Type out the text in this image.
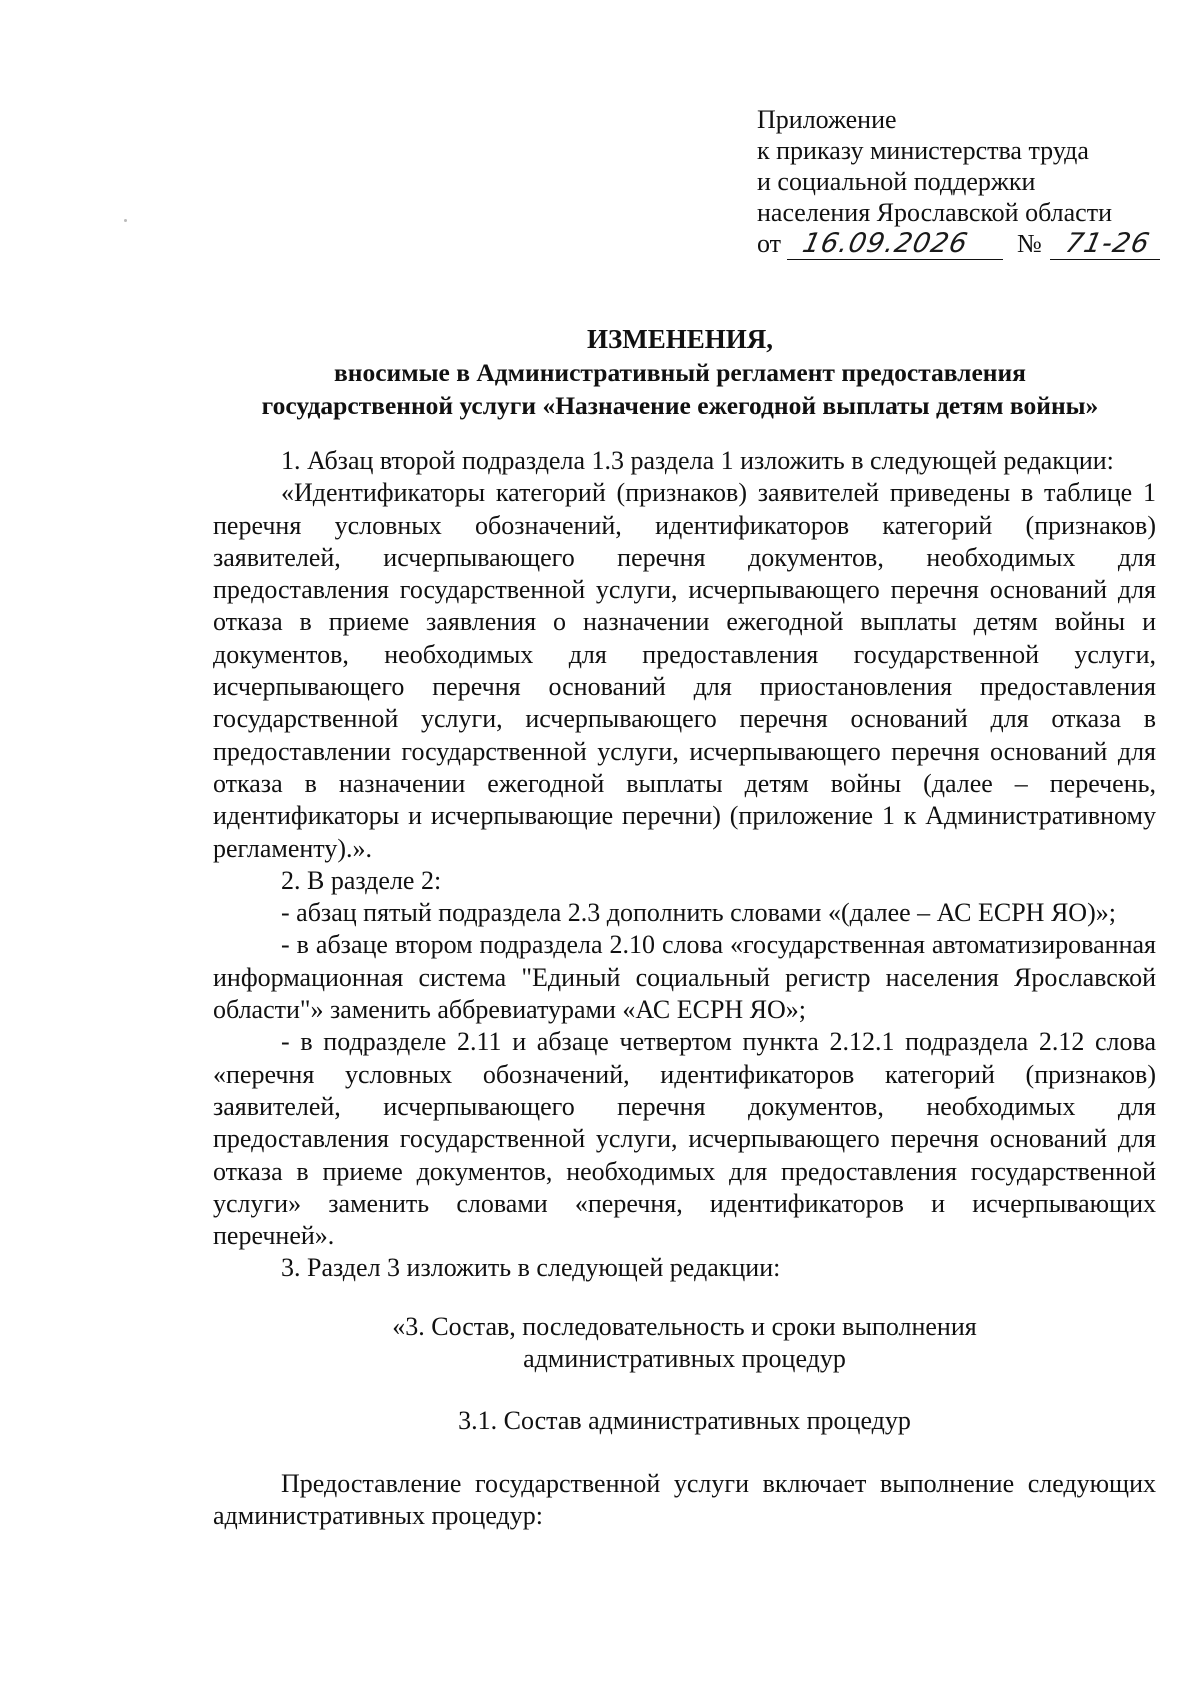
Приложение
к приказу министерства труда
и социальной поддержки
населения Ярославской области
от 16.09.2026 № 71-26
ИЗМЕНЕНИЯ,
вносимые в Административный регламент предоставления
государственной услуги «Назначение ежегодной выплаты детям войны»

1. Абзац второй подраздела 1.3 раздела 1 изложить в следующей редакции:

«Идентификаторы категорий (признаков) заявителей приведены в таблице 1 перечня условных обозначений, идентификаторов категорий (признаков) заявителей, исчерпывающего перечня документов, необходимых для предоставления государственной услуги, исчерпывающего перечня оснований для отказа в приеме заявления о назначении ежегодной выплаты детям войны и документов, необходимых для предоставления государственной услуги, исчерпывающего перечня оснований для приостановления предоставления государственной услуги, исчерпывающего перечня оснований для отказа в предоставлении государственной услуги, исчерпывающего перечня оснований для отказа в назначении ежегодной выплаты детям войны (далее – перечень, идентификаторы и исчерпывающие перечни) (приложение 1 к Административному регламенту).».

2. В разделе 2:

- абзац пятый подраздела 2.3 дополнить словами «(далее – АС ЕСРН ЯО)»;

- в абзаце втором подраздела 2.10 слова «государственная автоматизированная информационная система "Единый социальный регистр населения Ярославской области"» заменить аббревиатурами «АС ЕСРН ЯО»;

- в подразделе 2.11 и абзаце четвертом пункта 2.12.1 подраздела 2.12 слова «перечня условных обозначений, идентификаторов категорий (признаков) заявителей, исчерпывающего перечня документов, необходимых для предоставления государственной услуги, исчерпывающего перечня оснований для отказа в приеме документов, необходимых для предоставления государственной услуги» заменить словами «перечня, идентификаторов и исчерпывающих перечней».

3. Раздел 3 изложить в следующей редакции:

«3. Состав, последовательность и сроки выполнения

административных процедур

3.1. Состав административных процедур

Предоставление государственной услуги включает выполнение следующих административных процедур:
